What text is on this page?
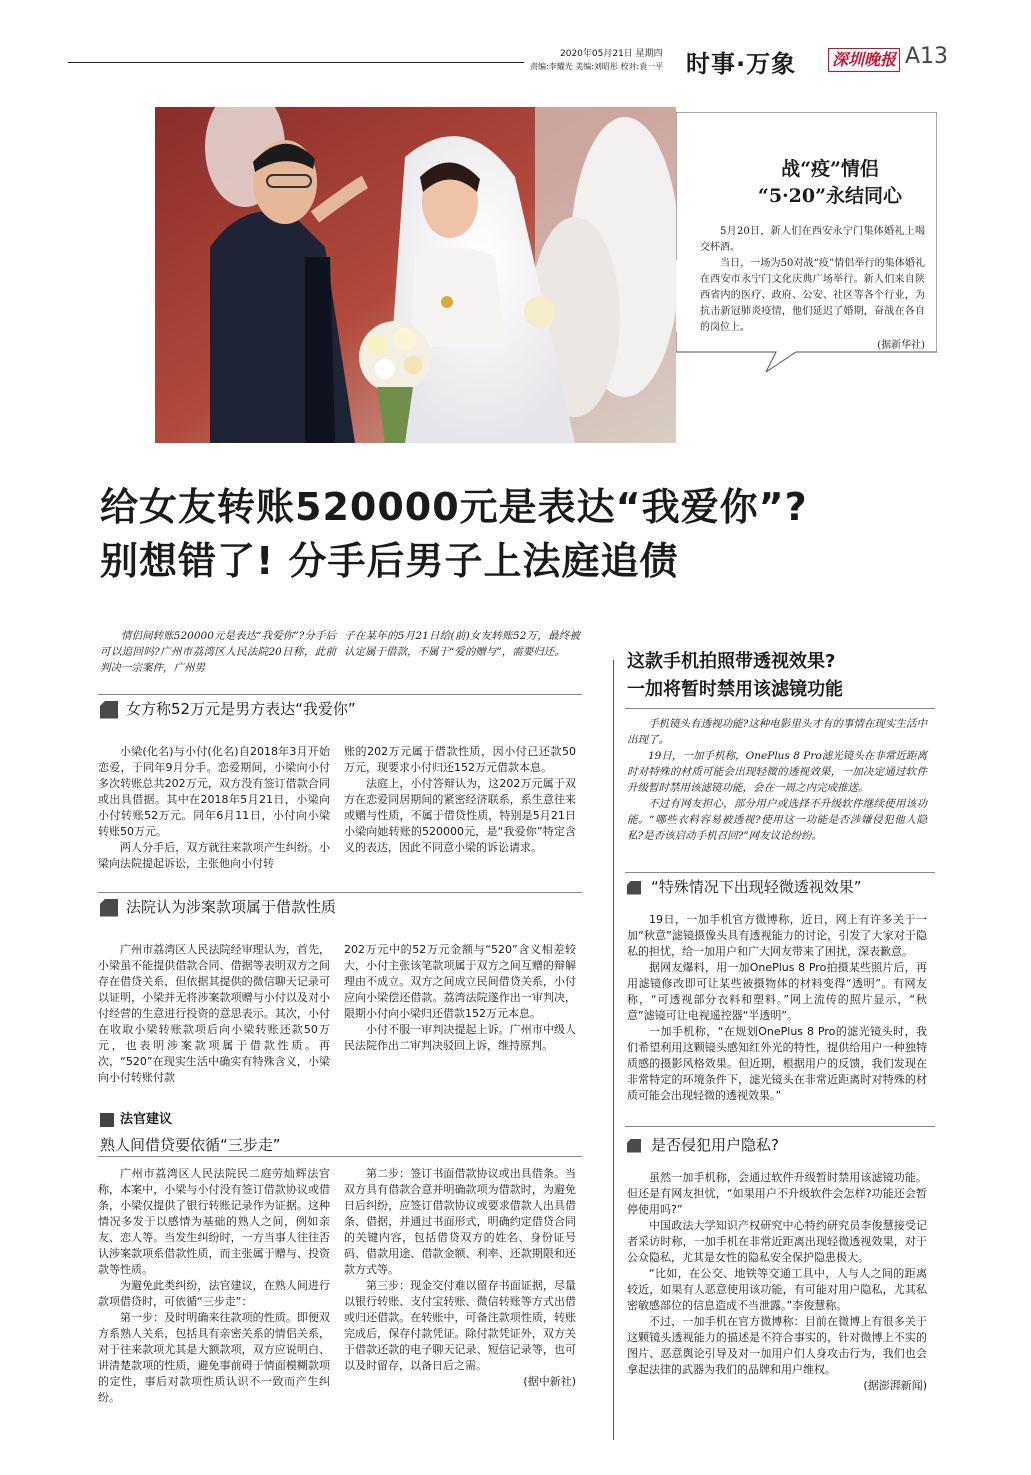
2020年05月21日 星期四
责编:李耀光 美编:刘昭彤 校对:袁一平 时事·万象 深圳晚报 A13
战“疫”情侣
“5·20”永结同心
5月20日，新人们在西安永宁门集体婚礼上喝交杯酒。
当日，一场为50对战“疫”情侣举行的集体婚礼在西安市永宁门文化庆典广场举行。新人们来自陕西省内的医疗、政府、公安、社区等各个行业，为抗击新冠肺炎疫情，他们延迟了婚期，奋战在各自的岗位上。
(据新华社)
给女友转账520000元是表达“我爱你”?
别想错了! 分手后男子上法庭追债

情侣间转账520000元是表达“我爱你”?分手后可以追回吗?广州市荔湾区人民法院20日称，此前判决一宗案件，广州男

子在某年的5月21日给(前)女友转账52万，最终被认定属于借款，不属于“爱的赠与”，需要归还。

女方称52万元是男方表达“我爱你”

小梁(化名)与小付(化名)自2018年3月开始恋爱，于同年9月分手。恋爱期间，小梁向小付多次转账总共202万元，双方没有签订借款合同或出具借据。其中在2018年5月21日，小梁向小付转账52万元。同年6月11日，小付向小梁转账50万元。

两人分手后，双方就往来款项产生纠纷。小梁向法院提起诉讼，主张他向小付转

账的202万元属于借款性质，因小付已还款50万元，现要求小付归还152万元借款本息。

法庭上，小付答辩认为，这202万元属于双方在恋爱同居期间的紧密经济联系，系生意往来或赠与性质，不属于借贷性质，特别是5月21日小梁向她转账的520000元，是“我爱你”特定含义的表达，因此不同意小梁的诉讼请求。

法院认为涉案款项属于借款性质

广州市荔湾区人民法院经审理认为，首先，小梁虽不能提供借款合同、借据等表明双方之间存在借贷关系，但依据其提供的微信聊天记录可以证明，小梁并无将涉案款项赠与小付以及对小付经营的生意进行投资的意思表示。其次，小付在收取小梁转账款项后向小梁转账还款50万元，也表明涉案款项属于借款性质。再次，“520”在现实生活中确实有特殊含义，小梁向小付转账付款

202万元中的52万元金额与“520”含义相差较大，小付主张该笔款项属于双方之间互赠的辩解理由不成立。双方之间成立民间借贷关系，小付应向小梁偿还借款。荔湾法院遂作出一审判决，限期小付向小梁归还借款152万元本息。

小付不服一审判决提起上诉。广州市中级人民法院作出二审判决驳回上诉，维持原判。

法官建议
熟人间借贷要依循“三步走”

广州市荔湾区人民法院民二庭劳灿辉法官称，本案中，小梁与小付没有签订借款协议或借条，小梁仅提供了银行转账记录作为证据。这种情况多发于以感情为基础的熟人之间，例如亲友、恋人等。当发生纠纷时，一方当事人往往否认涉案款项系借款性质，而主张属于赠与、投资款等性质。

为避免此类纠纷，法官建议，在熟人间进行款项借贷时，可依循“三步走”：

第一步：及时明确来往款项的性质。即便双方系熟人关系，包括具有亲密关系的情侣关系，对于往来款项尤其是大额款项，双方应说明白、讲清楚款项的性质，避免事前碍于情面模糊款项的定性，事后对款项性质认识不一致而产生纠纷。

第二步：签订书面借款协议或出具借条。当双方具有借款合意并明确款项为借款时，为避免日后纠纷，应签订借款协议或要求借款人出具借条、借据，并通过书面形式，明确约定借贷合同的关键内容，包括借贷双方的姓名、身份证号码、借款用途、借款金额、利率、还款期限和还款方式等。

第三步：现金交付难以留存书面证据，尽量以银行转账、支付宝转账、微信转账等方式出借或归还借款。在转账中，可备注款项性质，转账完成后，保存付款凭证。除付款凭证外，双方关于借款还款的电子聊天记录、短信记录等，也可以及时留存，以备日后之需。

(据中新社)
这款手机拍照带透视效果?
一加将暂时禁用该滤镜功能

手机镜头有透视功能?这种电影里头才有的事情在现实生活中出现了。

19日，一加手机称，OnePlus 8 Pro滤光镜头在非常近距离时对特殊的材质可能会出现轻微的透视效果，一加决定通过软件升级暂时禁用该滤镜功能，会在一周之内完成推送。

不过有网友担心，部分用户或选择不升级软件继续使用该功能。“哪些衣料容易被透视?使用这一功能是否涉嫌侵犯他人隐私?是否该启动手机召回?”网友议论纷纷。

“特殊情况下出现轻微透视效果”

19日，一加手机官方微博称，近日，网上有许多关于一加“秋意”滤镜摄像头具有透视能力的讨论，引发了大家对于隐私的担忧，给一加用户和广大网友带来了困扰，深表歉意。

据网友爆料，用一加OnePlus 8 Pro拍摄某些照片后，再用滤镜修改即可让某些被摄物体的材料变得“透明”。有网友称，“可透视部分衣料和塑料。”网上流传的照片显示，“秋意”滤镜可让电视遥控器“半透明”。

一加手机称，“在规划OnePlus 8 Pro的滤光镜头时，我们希望利用这颗镜头感知红外光的特性，提供给用户一种独特质感的摄影风格效果。但近期，根据用户的反馈，我们发现在非常特定的环境条件下，滤光镜头在非常近距离时对特殊的材质可能会出现轻微的透视效果。”

是否侵犯用户隐私?

虽然一加手机称，会通过软件升级暂时禁用该滤镜功能。但还是有网友担忧，“如果用户不升级软件会怎样?功能还会暂停使用吗?”

中国政法大学知识产权研究中心特约研究员李俊慧接受记者采访时称，一加手机在非常近距离出现轻微透视效果，对于公众隐私，尤其是女性的隐私安全保护隐患极大。

“比如，在公交、地铁等交通工具中，人与人之间的距离较近，如果有人恶意使用该功能，有可能对用户隐私，尤其私密敏感部位的信息造成不当泄露。”李俊慧称。

不过，一加手机在官方微博称：目前在微博上有很多关于这颗镜头透视能力的描述是不符合事实的，针对微博上不实的图片、恶意舆论引导及对一加用户们人身攻击行为，我们也会拿起法律的武器为我们的品牌和用户维权。

(据澎湃新闻)
